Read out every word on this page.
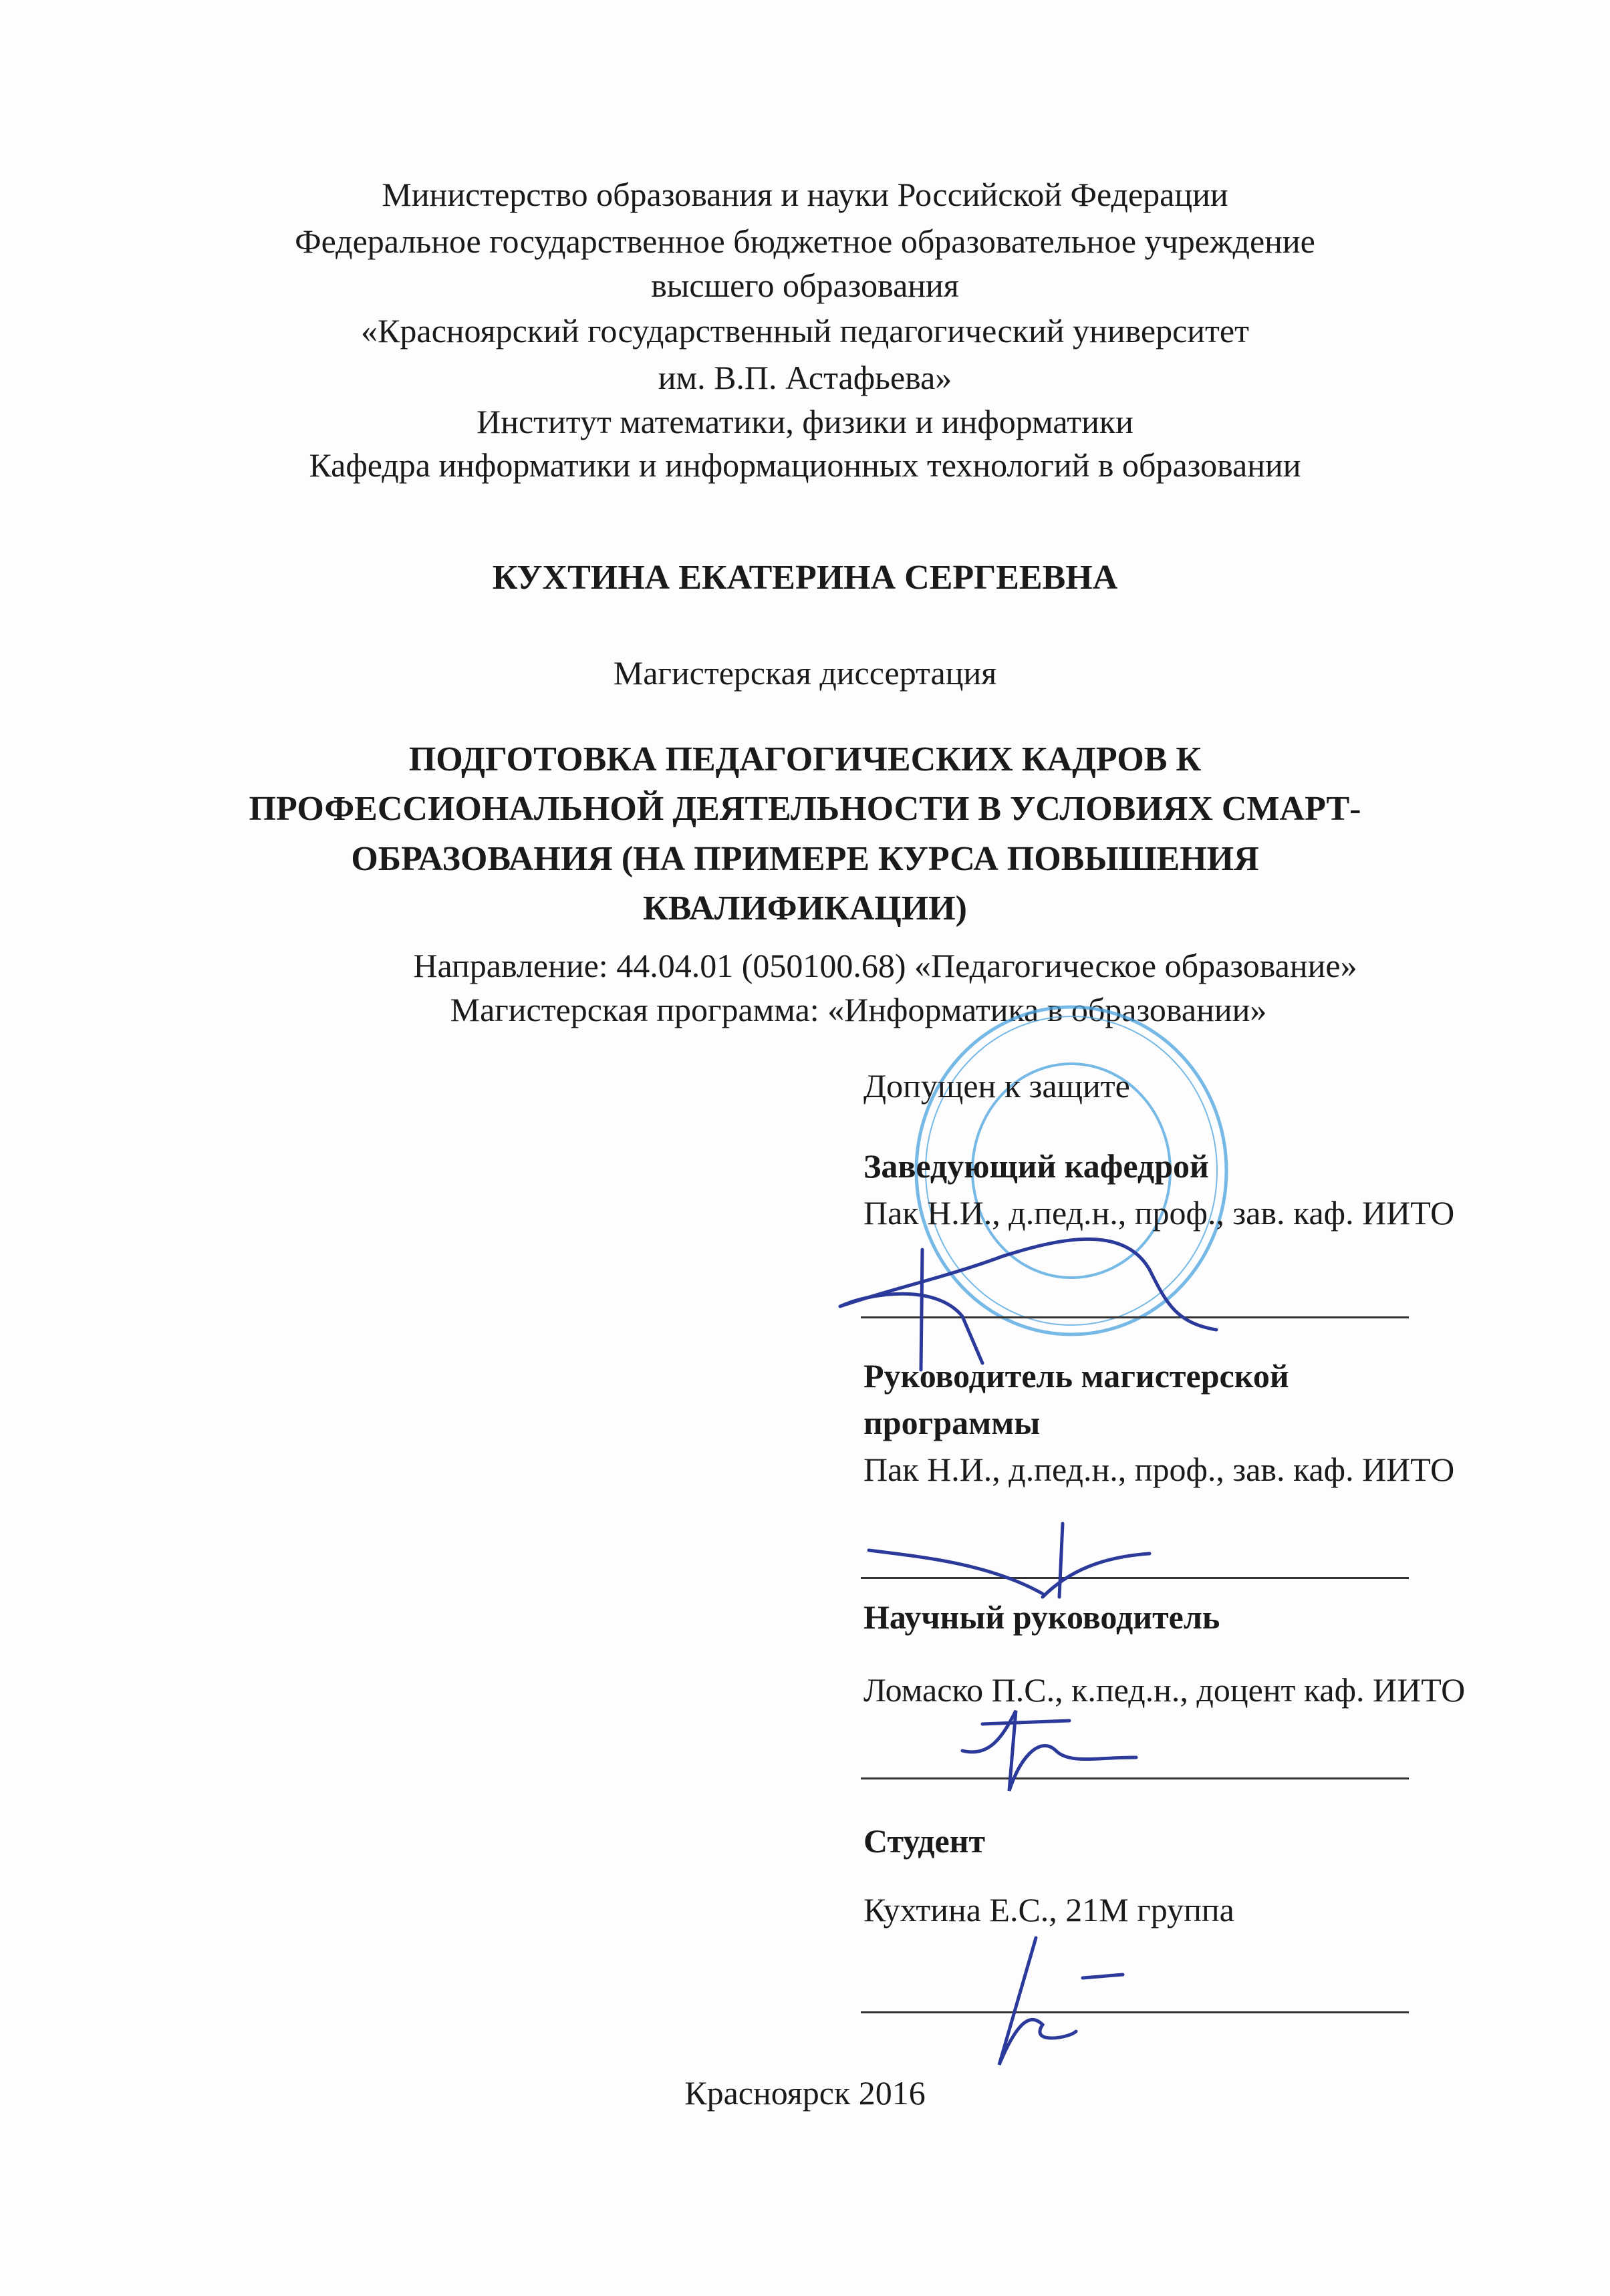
Министерство образования и науки Российской Федерации
Федеральное государственное бюджетное образовательное учреждение
высшего образования
«Красноярский государственный педагогический университет
им. В.П. Астафьева»
Институт математики, физики и информатики
Кафедра информатики и информационных технологий в образовании
КУХТИНА ЕКАТЕРИНА СЕРГЕЕВНА
Магистерская диссертация
ПОДГОТОВКА ПЕДАГОГИЧЕСКИХ КАДРОВ К
ПРОФЕССИОНАЛЬНОЙ ДЕЯТЕЛЬНОСТИ В УСЛОВИЯХ СМАРТ-
ОБРАЗОВАНИЯ (НА ПРИМЕРЕ КУРСА ПОВЫШЕНИЯ
КВАЛИФИКАЦИИ)
Направление: 44.04.01 (050100.68) «Педагогическое образование»
Магистерская программа: «Информатика в образовании»
Допущен к защите
Заведующий кафедрой
Пак Н.И., д.пед.н., проф., зав. каф. ИИТО
Руководитель магистерской
программы
Пак Н.И., д.пед.н., проф., зав. каф. ИИТО
Научный руководитель
Ломаско П.С., к.пед.н., доцент каф. ИИТО
Студент
Кухтина Е.С., 21М группа
Красноярск 2016
